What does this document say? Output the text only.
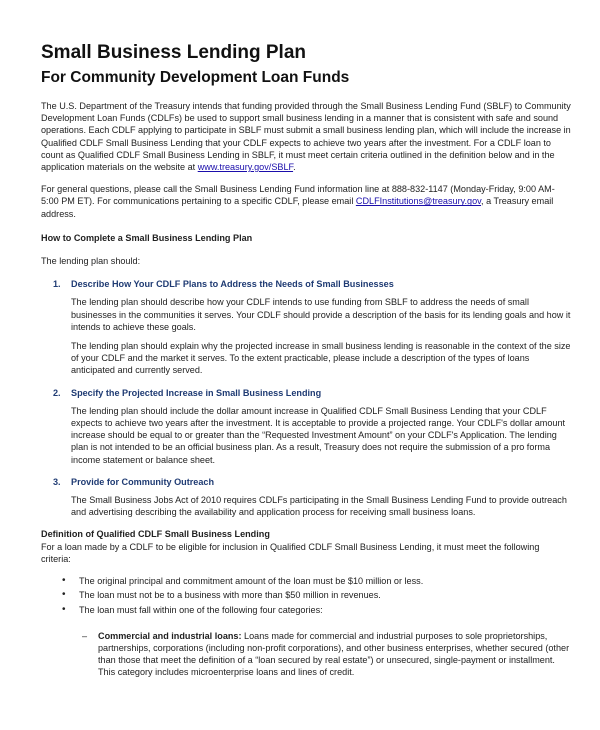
Small Business Lending Plan
For Community Development Loan Funds

The U.S. Department of the Treasury intends that funding provided through the Small Business Lending Fund (SBLF) to Community Development Loan Funds (CDLFs) be used to support small business lending in a manner that is consistent with safe and sound operations. Each CDLF applying to participate in SBLF must submit a small business lending plan, which will include the increase in Qualified CDLF Small Business Lending that your CDLF expects to achieve two years after the investment. For a CDLF loan to count as Qualified CDLF Small Business Lending in SBLF, it must meet certain criteria outlined in the definition below and in the application materials on the website at www.treasury.gov/SBLF.

For general questions, please call the Small Business Lending Fund information line at 888-832-1147 (Monday-Friday, 9:00 AM-5:00 PM ET). For communications pertaining to a specific CDLF, please email CDLFInstitutions@treasury.gov, a Treasury email address.

How to Complete a Small Business Lending Plan

The lending plan should:

1. Describe How Your CDLF Plans to Address the Needs of Small Businesses

The lending plan should describe how your CDLF intends to use funding from SBLF to address the needs of small businesses in the communities it serves. Your CDLF should provide a description of the basis for its lending goals and how it intends to achieve these goals.

The lending plan should explain why the projected increase in small business lending is reasonable in the context of the size of your CDLF and the market it serves. To the extent practicable, please include a description of the types of loans anticipated and currently served.

2. Specify the Projected Increase in Small Business Lending

The lending plan should include the dollar amount increase in Qualified CDLF Small Business Lending that your CDLF expects to achieve two years after the investment. It is acceptable to provide a projected range. Your CDLF's dollar amount increase should be equal to or greater than the “Requested Investment Amount” on your CDLF's Application. The lending plan is not intended to be an official business plan. As a result, Treasury does not require the submission of a pro forma income statement or balance sheet.

3. Provide for Community Outreach

The Small Business Jobs Act of 2010 requires CDLFs participating in the Small Business Lending Fund to provide outreach and advertising describing the availability and application process for receiving small business loans.

Definition of Qualified CDLF Small Business Lending

For a loan made by a CDLF to be eligible for inclusion in Qualified CDLF Small Business Lending, it must meet the following criteria:

• The original principal and commitment amount of the loan must be $10 million or less.
• The loan must not be to a business with more than $50 million in revenues.
• The loan must fall within one of the following four categories:
– Commercial and industrial loans: Loans made for commercial and industrial purposes to sole proprietorships, partnerships, corporations (including non-profit corporations), and other business enterprises, whether secured (other than those that meet the definition of a “loan secured by real estate”) or unsecured, single-payment or installment. This category includes microenterprise loans and lines of credit.
